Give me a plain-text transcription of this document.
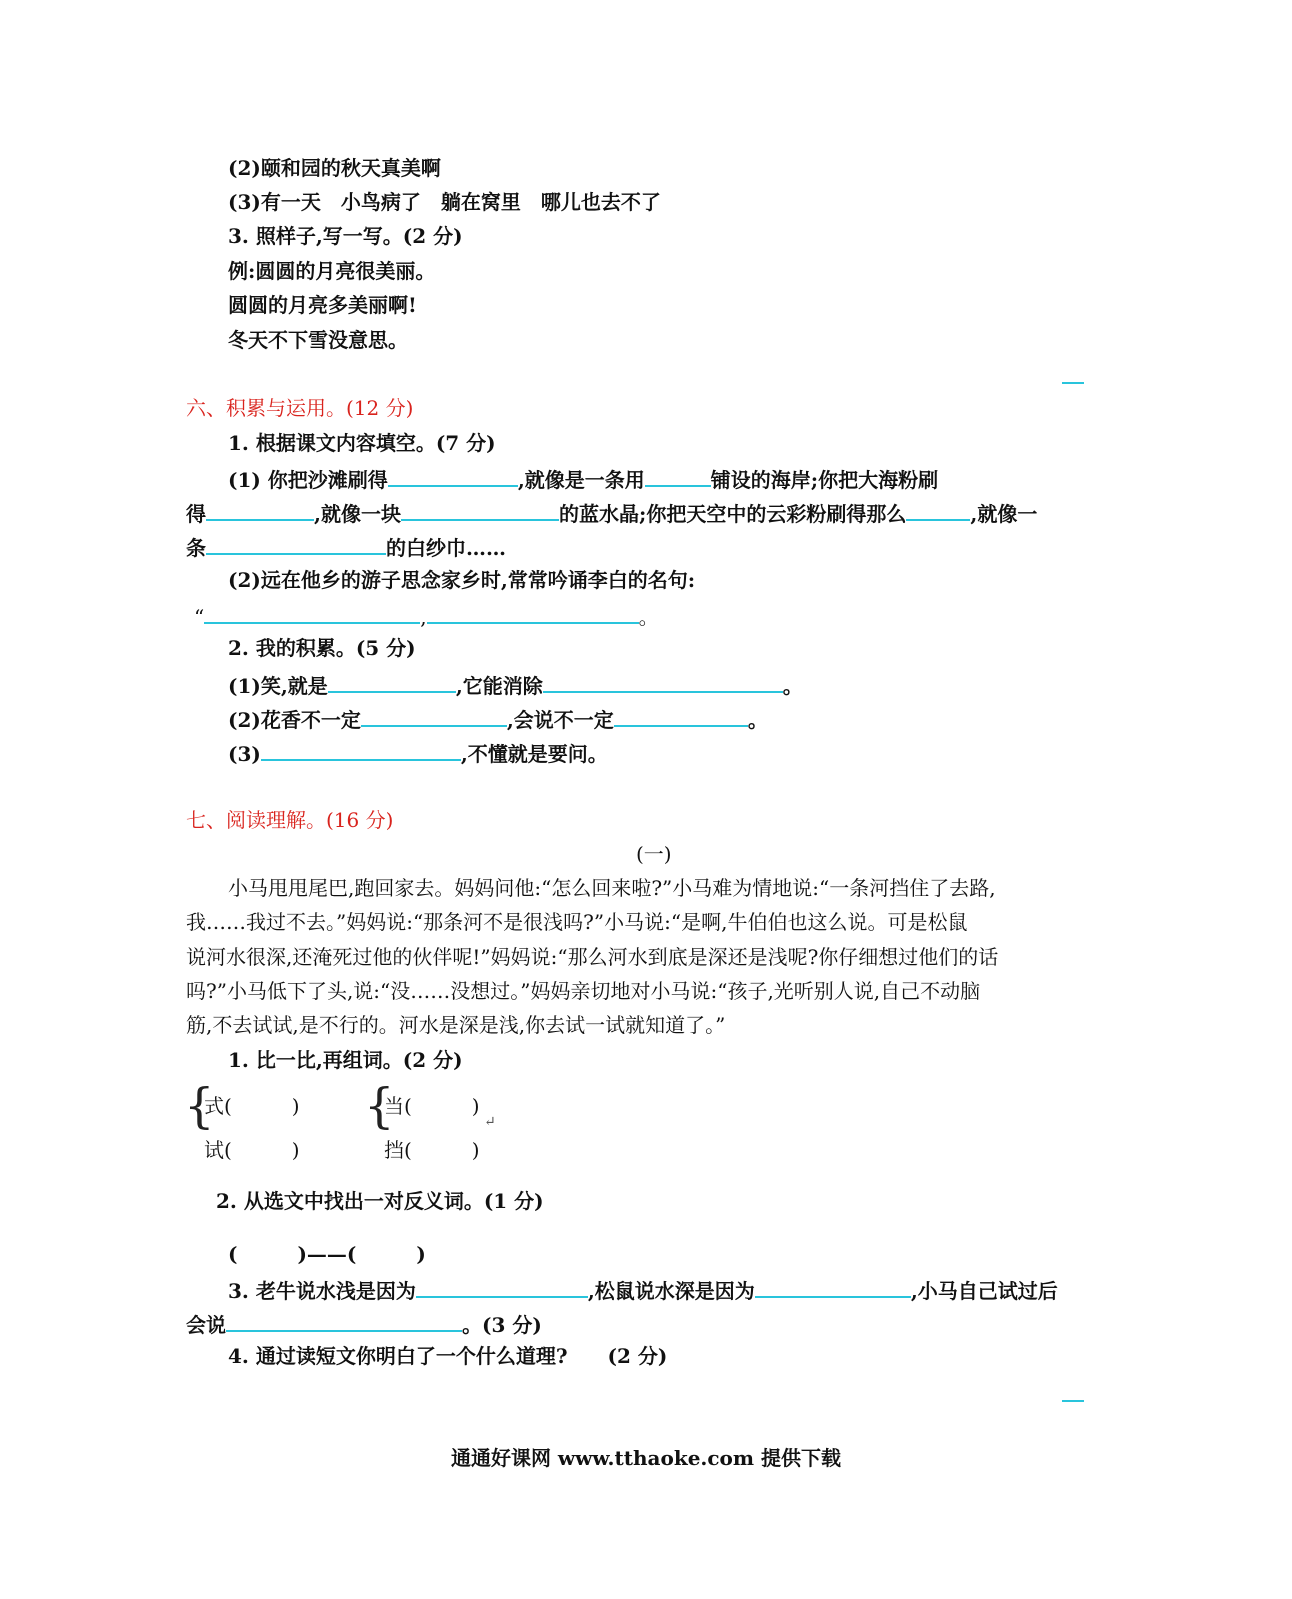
(2)颐和园的秋天真美啊
(3)有一天　小鸟病了　躺在窝里　哪儿也去不了
3. 照样子,写一写。(2 分)
例:圆圆的月亮很美丽。
圆圆的月亮多美丽啊!
冬天不下雪没意思。
六、积累与运用。(12 分)
1. 根据课文内容填空。(7 分)
(1) 你把沙滩刷得	,就像是一条用	铺设的海岸;你把大海粉刷
得	,就像一块	的蓝水晶;你把天空中的云彩粉刷得那么	,就像一
条	的白纱巾……
(2)远在他乡的游子思念家乡时,常常吟诵李白的名句:
“	,	。
2. 我的积累。(5 分)
(1)笑,就是	,它能消除	。
(2)花香不一定	,会说不一定	。
(3)	,不懂就是要问。
七、阅读理解。(16 分)
(一)
小马甩甩尾巴,跑回家去。妈妈问他:“怎么回来啦?”小马难为情地说:“一条河挡住了去路,
我……我过不去。”妈妈说:“那条河不是很浅吗?”小马说:“是啊,牛伯伯也这么说。可是松鼠
说河水很深,还淹死过他的伙伴呢!”妈妈说:“那么河水到底是深还是浅呢?你仔细想过他们的话
吗?”小马低下了头,说:“没……没想过。”妈妈亲切地对小马说:“孩子,光听别人说,自己不动脑
筋,不去试试,是不行的。河水是深是浅,你去试一试就知道了。”
1. 比一比,再组词。(2 分)
{
式(　　　)
试(　　　)
{
当(　　　)
挡(　　　)
↵
2. 从选文中找出一对反义词。(1 分)
(　　　)——(　　　)
3. 老牛说水浅是因为	,松鼠说水深是因为	,小马自己试过后
会说	。(3 分)
4. 通过读短文你明白了一个什么道理?　　(2 分)
通通好课网 www.tthaoke.com 提供下载
